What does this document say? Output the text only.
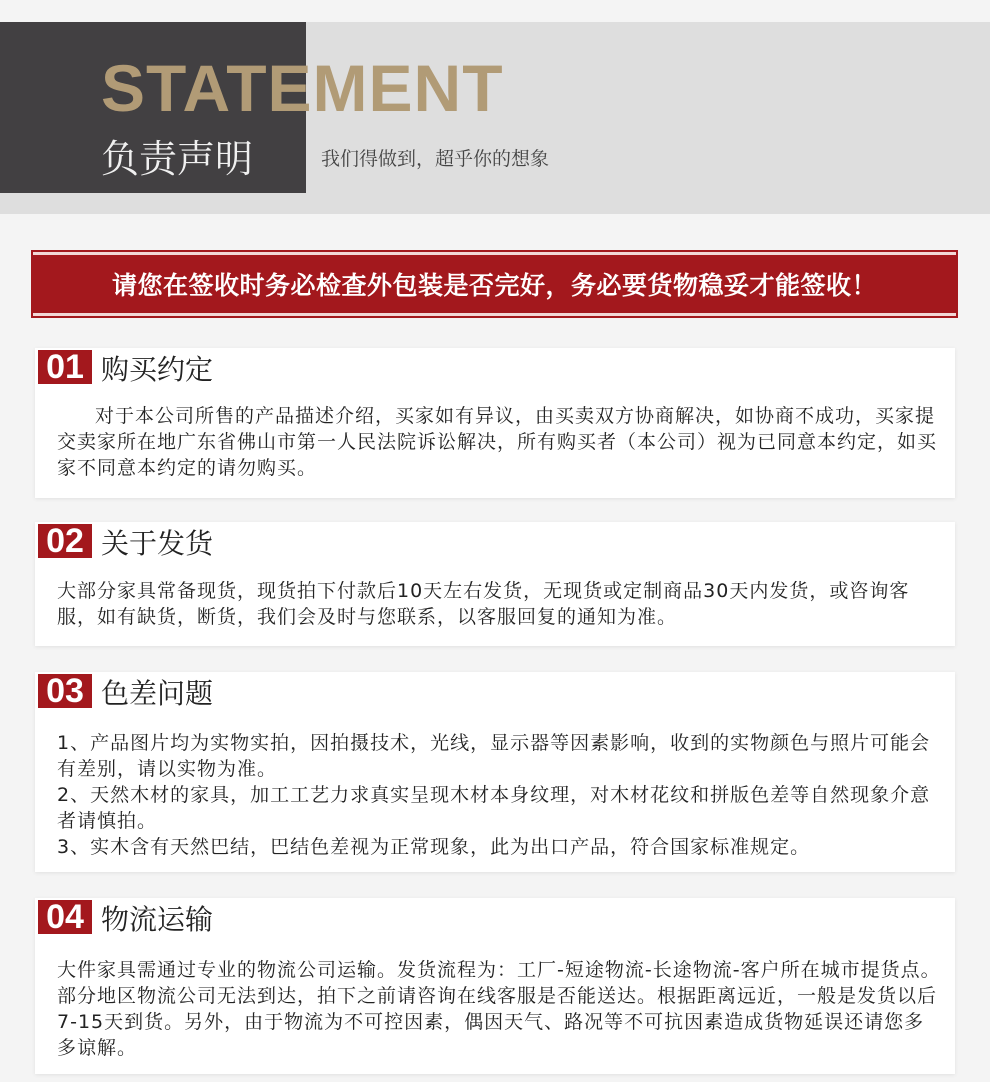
STATEMENT
负责声明	我们得做到，超乎你的想象
请您在签收时务必检查外包装是否完好，务必要货物稳妥才能签收！
01 购买约定

对于本公司所售的产品描述介绍，买家如有异议，由买卖双方协商解决，如协商不成功，买家提交卖家所在地广东省佛山市第一人民法院诉讼解决，所有购买者（本公司）视为已同意本约定，如买家不同意本约定的请勿购买。

02 关于发货

大部分家具常备现货，现货拍下付款后10天左右发货，无现货或定制商品30天内发货，或咨询客服，如有缺货，断货，我们会及时与您联系，以客服回复的通知为准。

03 色差问题

1、产品图片均为实物实拍，因拍摄技术，光线，显示器等因素影响，收到的实物颜色与照片可能会有差别，请以实物为准。

2、天然木材的家具，加工工艺力求真实呈现木材本身纹理，对木材花纹和拼版色差等自然现象介意者请慎拍。

3、实木含有天然巴结，巴结色差视为正常现象，此为出口产品，符合国家标准规定。

04 物流运输

大件家具需通过专业的物流公司运输。发货流程为：工厂-短途物流-长途物流-客户所在城市提货点。部分地区物流公司无法到达，拍下之前请咨询在线客服是否能送达。根据距离远近，一般是发货以后7-15天到货。另外，由于物流为不可控因素，偶因天气、路况等不可抗因素造成货物延误还请您多多谅解。
